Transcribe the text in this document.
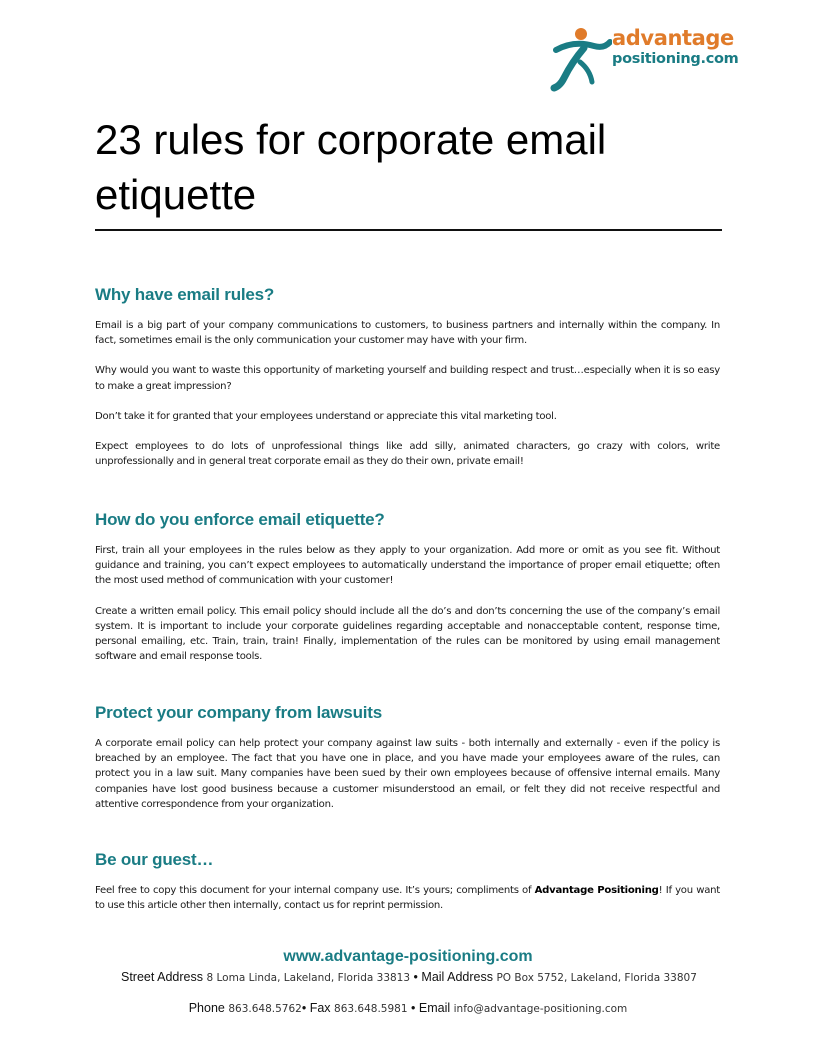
advantage
positioning.com
23 rules for corporate email etiquette
Why have email rules?

Email is a big part of your company communications to customers, to business partners and internally within the company. In fact, sometimes email is the only communication your customer may have with your firm.

Why would you want to waste this opportunity of marketing yourself and building respect and trust…especially when it is so easy to make a great impression?

Don’t take it for granted that your employees understand or appreciate this vital marketing tool.

Expect employees to do lots of unprofessional things like add silly, animated characters, go crazy with colors, write unprofessionally and in general treat corporate email as they do their own, private email!

How do you enforce email etiquette?

First, train all your employees in the rules below as they apply to your organization. Add more or omit as you see fit. Without guidance and training, you can’t expect employees to automatically understand the importance of proper email etiquette; often the most used method of communication with your customer!

Create a written email policy. This email policy should include all the do’s and don’ts concerning the use of the company’s email system. It is important to include your corporate guidelines regarding acceptable and nonacceptable content, response time, personal emailing, etc. Train, train, train! Finally, implementation of the rules can be monitored by using email management software and email response tools.

Protect your company from lawsuits

A corporate email policy can help protect your company against law suits - both internally and externally - even if the policy is breached by an employee. The fact that you have one in place, and you have made your employees aware of the rules, can protect you in a law suit. Many companies have been sued by their own employees because of offensive internal emails. Many companies have lost good business because a customer misunderstood an email, or felt they did not receive respectful and attentive correspondence from your organization.

Be our guest…

Feel free to copy this document for your internal company use. It’s yours; compliments of Advantage Positioning! If you want to use this article other then internally, contact us for reprint permission.

www.advantage-positioning.com
Street Address 8 Loma Linda, Lakeland, Florida 33813 • Mail Address PO Box 5752, Lakeland, Florida 33807
Phone 863.648.5762• Fax 863.648.5981 • Email info@advantage-positioning.com
